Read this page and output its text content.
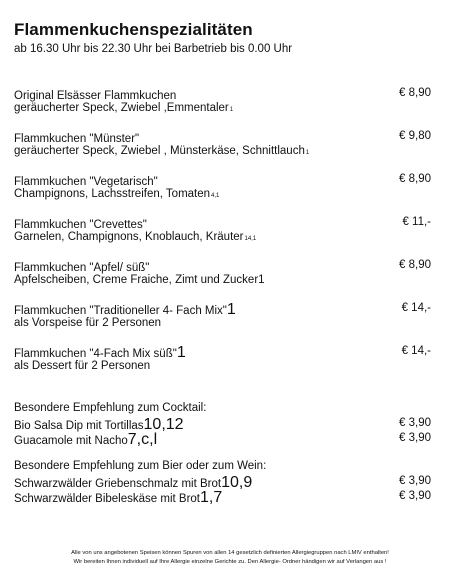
Flammenkuchenspezialitäten
ab 16.30 Uhr bis 22.30 Uhr bei Barbetrieb bis 0.00 Uhr
Original Elsässer Flammkuchen	€ 8,90
geräucherter Speck, Zwiebel ,Emmentaler1
Flammkuchen "Münster"	€ 9,80
geräucherter Speck, Zwiebel , Münsterkäse, Schnittlauch1
Flammkuchen "Vegetarisch"	€ 8,90
Champignons, Lachsstreifen, Tomaten4,1
Flammkuchen "Crevettes"	€ 11,-
Garnelen, Champignons, Knoblauch, Kräuter14,1
Flammkuchen "Apfel/ süß"	€ 8,90
Apfelscheiben, Creme Fraiche, Zimt und Zucker1
Flammkuchen "Traditioneller 4- Fach Mix"1	€ 14,-
als Vorspeise für 2 Personen
Flammkuchen "4-Fach Mix süß"1	€ 14,-
als Dessert für 2 Personen
Besondere Empfehlung zum Cocktail:
Bio Salsa Dip mit Tortillas10,12	€ 3,90
Guacamole mit Nacho7,c,l	€ 3,90
Besondere Empfehlung zum Bier oder zum Wein:
Schwarzwälder Griebenschmalz mit Brot10,9	€ 3,90
Schwarzwälder Bibeleskäse mit Brot1,7	€ 3,90
Alle von uns angebotenen Speisen können Spuren von allen 14 gesetzlich definierten Allergiegruppen nach LMIV enthalten!
Wir bereiten Ihnen individuell auf Ihre Allergie einzelne Gerichte zu. Den Allergie- Ordner händigen wir auf Verlangen aus !
